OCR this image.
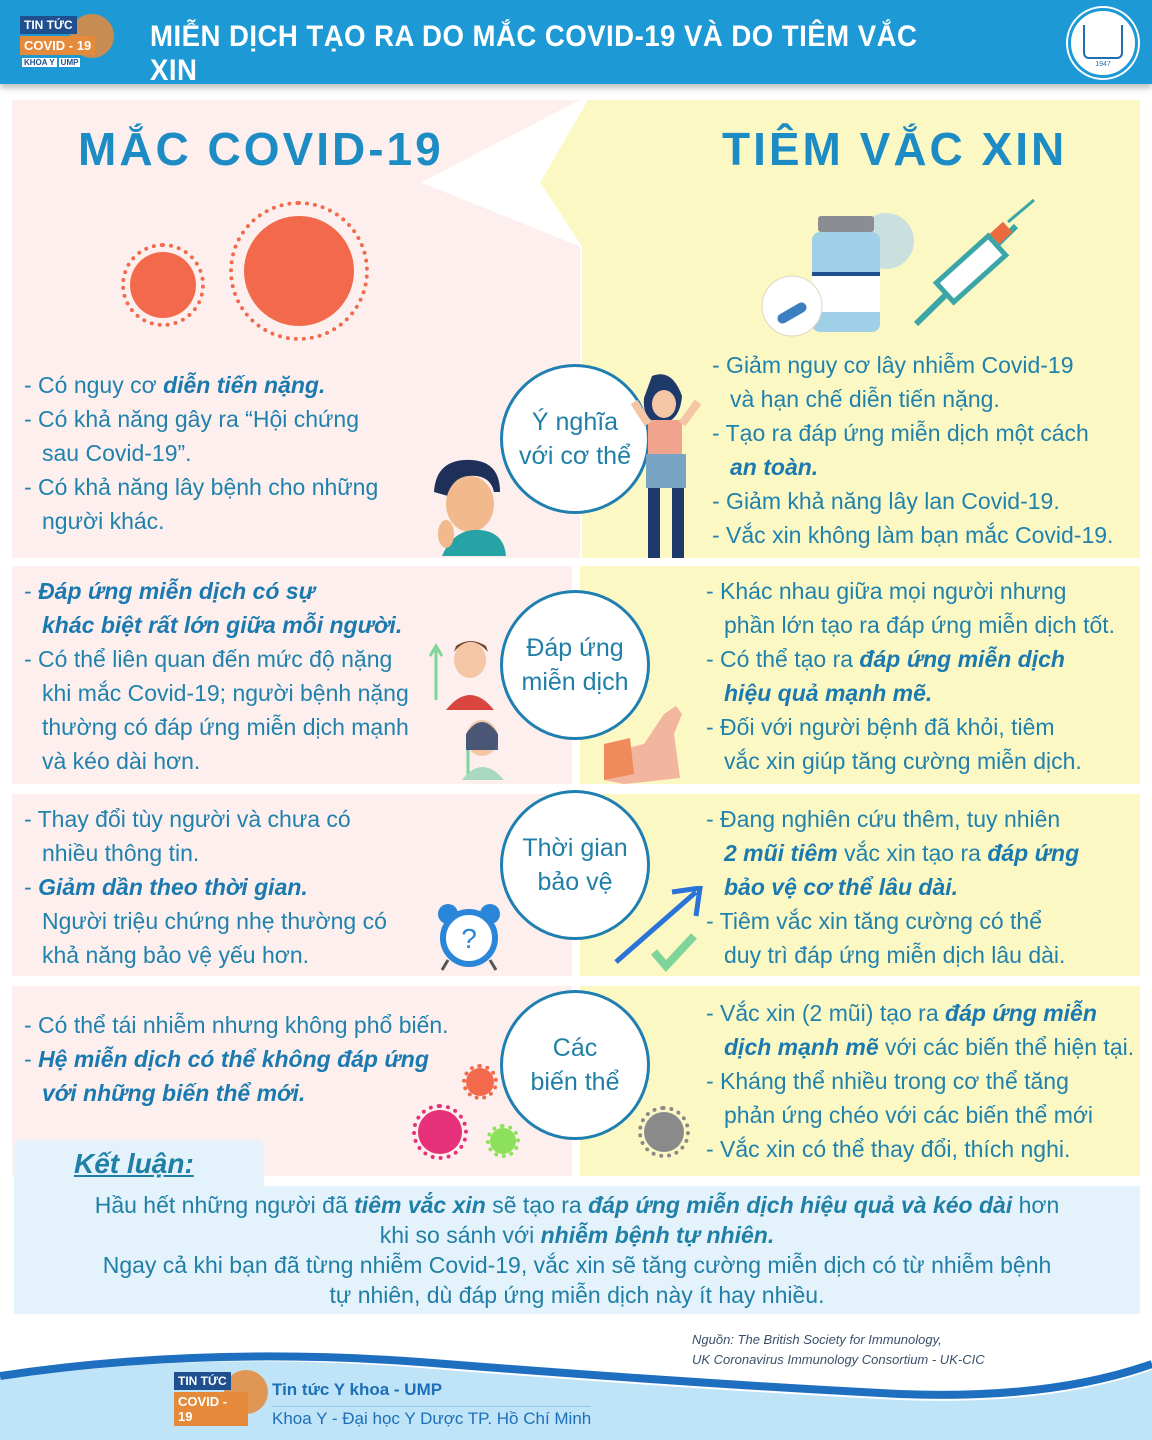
TIN TỨC
COVID - 19
KHOA Y UMP
MIỄN DỊCH TẠO RA DO MẮC COVID-19 VÀ DO TIÊM VẮC XIN	1947
MẮC COVID-19	TIÊM VẮC XIN
- Có nguy cơ diễn tiến nặng.
- Có khả năng gây ra “Hội chứng
sau Covid-19”.
- Có khả năng lây bệnh cho những
người khác.
Ý nghĩa
với cơ thể
- Giảm nguy cơ lây nhiễm Covid-19
và hạn chế diễn tiến nặng.
- Tạo ra đáp ứng miễn dịch một cách
an toàn.
- Giảm khả năng lây lan Covid-19.
- Vắc xin không làm bạn mắc Covid-19.
- Đáp ứng miễn dịch có sự
khác biệt rất lớn giữa mỗi người.
- Có thể liên quan đến mức độ nặng
khi mắc Covid-19; người bệnh nặng
thường có đáp ứng miễn dịch mạnh
và kéo dài hơn.
Đáp ứng
miễn dịch
- Khác nhau giữa mọi người nhưng
phần lớn tạo ra đáp ứng miễn dịch tốt.
- Có thể tạo ra đáp ứng miễn dịch
hiệu quả mạnh mẽ.
- Đối với người bệnh đã khỏi, tiêm
vắc xin giúp tăng cường miễn dịch.
- Thay đổi tùy người và chưa có
nhiều thông tin.
- Giảm dần theo thời gian.
Người triệu chứng nhẹ thường có
khả năng bảo vệ yếu hơn.
?
Thời gian
bảo vệ
- Đang nghiên cứu thêm, tuy nhiên
2 mũi tiêm vắc xin tạo ra đáp ứng
bảo vệ cơ thể lâu dài.
- Tiêm vắc xin tăng cường có thể
duy trì đáp ứng miễn dịch lâu dài.
- Có thể tái nhiễm nhưng không phổ biến.
- Hệ miễn dịch có thể không đáp ứng
với những biến thể mới.
Các
biến thể
- Vắc xin (2 mũi) tạo ra đáp ứng miễn
dịch mạnh mẽ với các biến thể hiện tại.
- Kháng thể nhiều trong cơ thể tăng
phản ứng chéo với các biến thể mới
- Vắc xin có thể thay đổi, thích nghi.
Kết luận:
Hầu hết những người đã tiêm vắc xin sẽ tạo ra đáp ứng miễn dịch hiệu quả và kéo dài hơn
khi so sánh với nhiễm bệnh tự nhiên.
Ngay cả khi bạn đã từng nhiễm Covid-19, vắc xin sẽ tăng cường miễn dịch có từ nhiễm bệnh
tự nhiên, dù đáp ứng miễn dịch này ít hay nhiều.
Nguồn: The British Society for Immunology,
UK Coronavirus Immunology Consortium - UK-CIC
TIN TỨC
COVID - 19
Tin tức Y khoa - UMP
Khoa Y - Đại học Y Dược TP. Hồ Chí Minh
